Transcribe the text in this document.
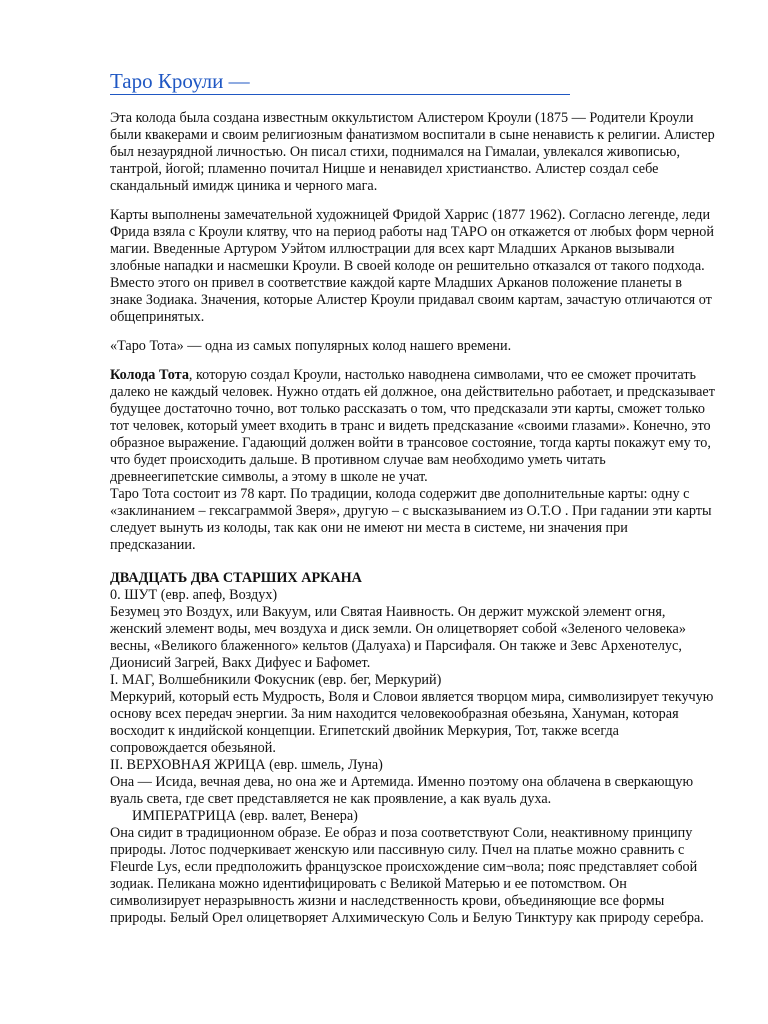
Таро Кроули —

Эта колода была создана известным оккультистом Алистером Кроули (1875 — Родители Кроули были квакерами и своим религиозным фанатизмом воспитали в сыне ненависть к религии. Алистер был незаурядной личностью. Он писал стихи, поднимался на Гималаи, увлекался живописью, тантрой, йогой; пламенно почитал Ницше и ненавидел христианство. Алистер создал себе скандальный имидж циника и черного мага.

Карты выполнены замечательной художницей Фридой Харрис (1877 1962). Согласно легенде, леди Фрида взяла с Кроули клятву, что на период работы над ТАРО он откажется от любых форм черной магии. Введенные Артуром Уэйтом иллюстрации для всех карт Младших Арканов вызывали злобные нападки и насмешки Кроули. В своей колоде он решительно отказался от такого подхода. Вместо этого он привел в соответствие каждой карте Младших Арканов положение планеты в знаке Зодиака. Значения, которые Алистер Кроули придавал своим картам, зачастую отличаются от общепринятых.

«Таро Тота» — одна из самых популярных колод нашего времени.

Колода Тота, которую создал Кроули, настолько наводнена символами, что ее сможет прочитать далеко не каждый человек. Нужно отдать ей должное, она действительно работает, и предсказывает будущее достаточно точно, вот только рассказать о том, что предсказали эти карты, сможет только тот человек, который умеет входить в транс и видеть предсказание «своими глазами». Конечно, это образное выражение. Гадающий должен войти в трансовое состояние, тогда карты покажут ему то, что будет происходить дальше. В противном случае вам необходимо уметь читать древнеегипетские символы, а этому в школе не учат.

Таро Тота состоит из 78 карт. По традиции, колода содержит две дополнительные карты: одну с «заклинанием – гексаграммой Зверя», другую – с высказыванием из О.Т.О . При гадании эти карты следует вынуть из колоды, так как они не имеют ни места в системе, ни значения при предсказании.

ДВАДЦАТЬ ДВА СТАРШИХ АРКАНА

0. ШУТ (евр. апеф, Воздух)

Безумец это Воздух, или Вакуум, или Святая Наивность. Он держит мужской элемент огня, женский элемент воды, меч воздуха и диск земли. Он олицетворяет собой «Зеленого человека» весны, «Великого блаженного» кельтов (Далуаха) и Парсифаля. Он также и Зевс Архенотелус, Дионисий Загрей, Вакх Дифуес и Бафомет.

I. МАГ, Волшебникили Фокусник (евр. бег, Меркурий)

Меркурий, который есть Мудрость, Воля и Словои является творцом мира, символизирует текучую основу всех передач энергии. За ним находится человекообразная обезьяна, Хануман, которая восходит к индийской концепции. Египетский двойник Меркурия, Тот, также всегда сопровождается обезьяной.

II. ВЕРХОВНАЯ ЖРИЦА (евр. шмель, Луна)

Она — Исида, вечная дева, но она же и Артемида. Именно поэтому она облачена в сверкающую вуаль света, где свет представляется не как проявление, а как вуаль духа.

ИМПЕРАТРИЦА (евр. валет, Венера)

Она сидит в традиционном образе. Ее образ и поза соответствуют Соли, неактивному принципу природы. Лотос подчеркивает женскую или пассивную силу. Пчел на платье можно сравнить с Fleurde Lys, если предположить французское происхождение сим¬вола; пояс представляет собой зодиак. Пеликана можно идентифицировать с Великой Матерью и ее потомством. Он символизирует неразрывность жизни и наследственность крови, объединяющие все формы природы. Белый Орел олицетворяет Алхимическую Соль и Белую Тинктуру как природу серебра.
